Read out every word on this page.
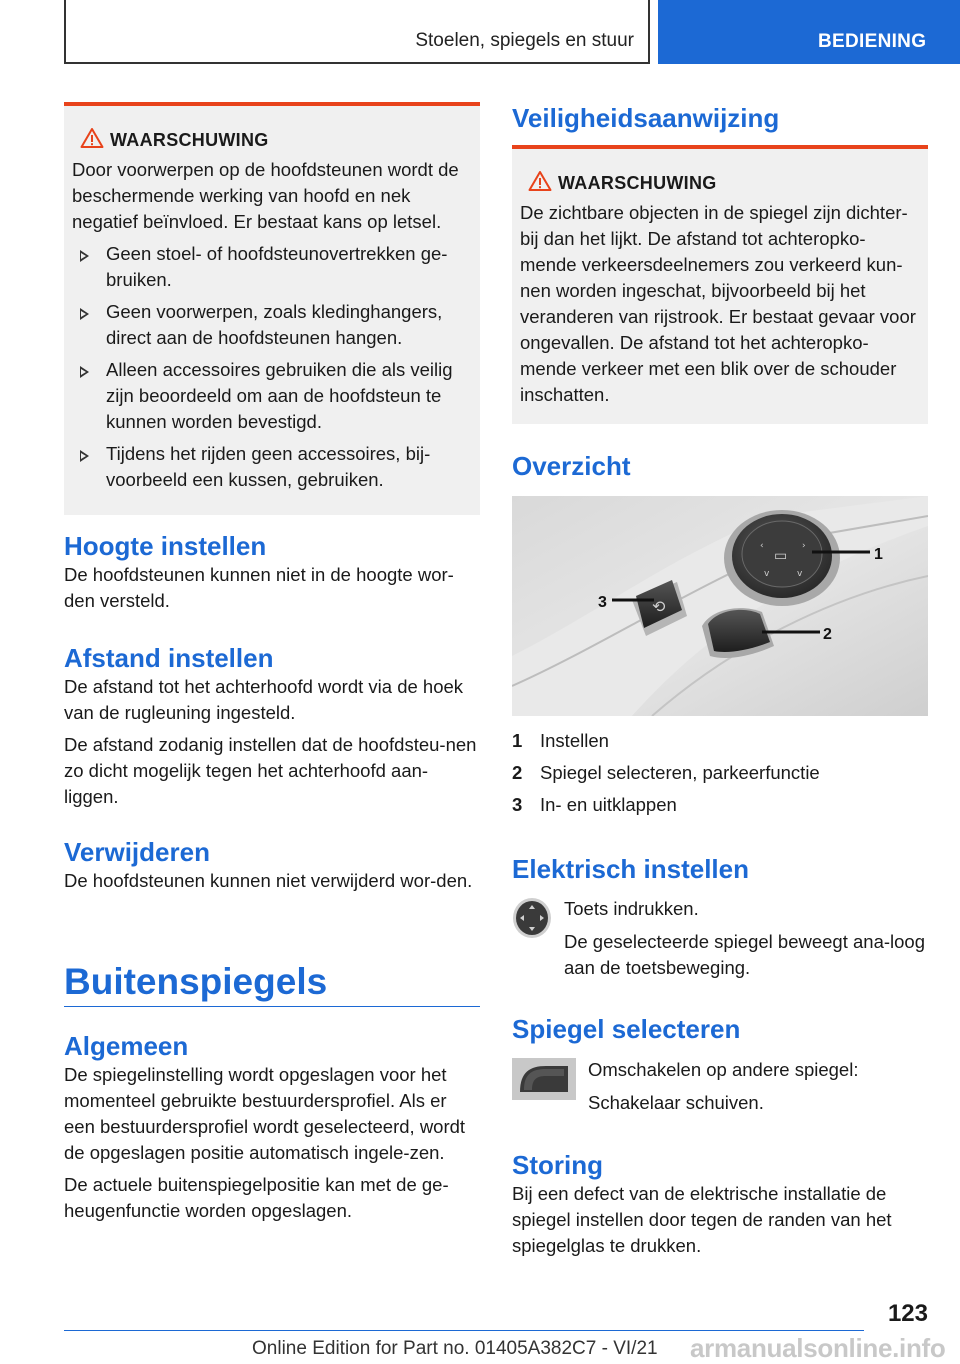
Stoelen, spiegels en stuur	BEDIENING
WAARSCHUWING

Door voorwerpen op de hoofdsteunen wordt de beschermende werking van hoofd en nek negatief beïnvloed. Er bestaat kans op letsel.

Geen stoel- of hoofdsteunovertrekken ge-bruiken.
Geen voorwerpen, zoals kledinghangers, direct aan de hoofdsteunen hangen.
Alleen accessoires gebruiken die als veilig zijn beoordeeld om aan de hoofdsteun te kunnen worden bevestigd.
Tijdens het rijden geen accessoires, bij-voorbeeld een kussen, gebruiken.
Hoogte instellen

De hoofdsteunen kunnen niet in de hoogte wor-den versteld.

Afstand instellen

De afstand tot het achterhoofd wordt via de hoek van de rugleuning ingesteld.

De afstand zodanig instellen dat de hoofdsteu-nen zo dicht mogelijk tegen het achterhoofd aan-liggen.

Verwijderen

De hoofdsteunen kunnen niet verwijderd wor-den.

Buitenspiegels
Algemeen

De spiegelinstelling wordt opgeslagen voor het momenteel gebruikte bestuurdersprofiel. Als er een bestuurdersprofiel wordt geselecteerd, wordt de opgeslagen positie automatisch ingele-zen.

De actuele buitenspiegelpositie kan met de ge-heugenfunctie worden opgeslagen.

Veiligheidsaanwijzing
WAARSCHUWING

De zichtbare objecten in de spiegel zijn dichter-bij dan het lijkt. De afstand tot achteropko-mende verkeersdeelnemers zou verkeerd kun-nen worden ingeschat, bijvoorbeeld bij het veranderen van rijstrook. Er bestaat gevaar voor ongevallen. De afstand tot het achteropko-mende verkeer met een blik over de schouder inschatten.

Overzicht
▭
‹	›
v	v
⟲
1
2
3
1 Instellen
2 Spiegel selecteren, parkeerfunctie
3 In- en uitklappen
Elektrisch instellen

Toets indrukken.

De geselecteerde spiegel beweegt ana-loog aan de toetsbeweging.

Spiegel selecteren

Omschakelen op andere spiegel:

Schakelaar schuiven.

Storing

Bij een defect van de elektrische installatie de spiegel instellen door tegen de randen van het spiegelglas te drukken.

123
Online Edition for Part no. 01405A382C7 - VI/21 armanualsonline.info
